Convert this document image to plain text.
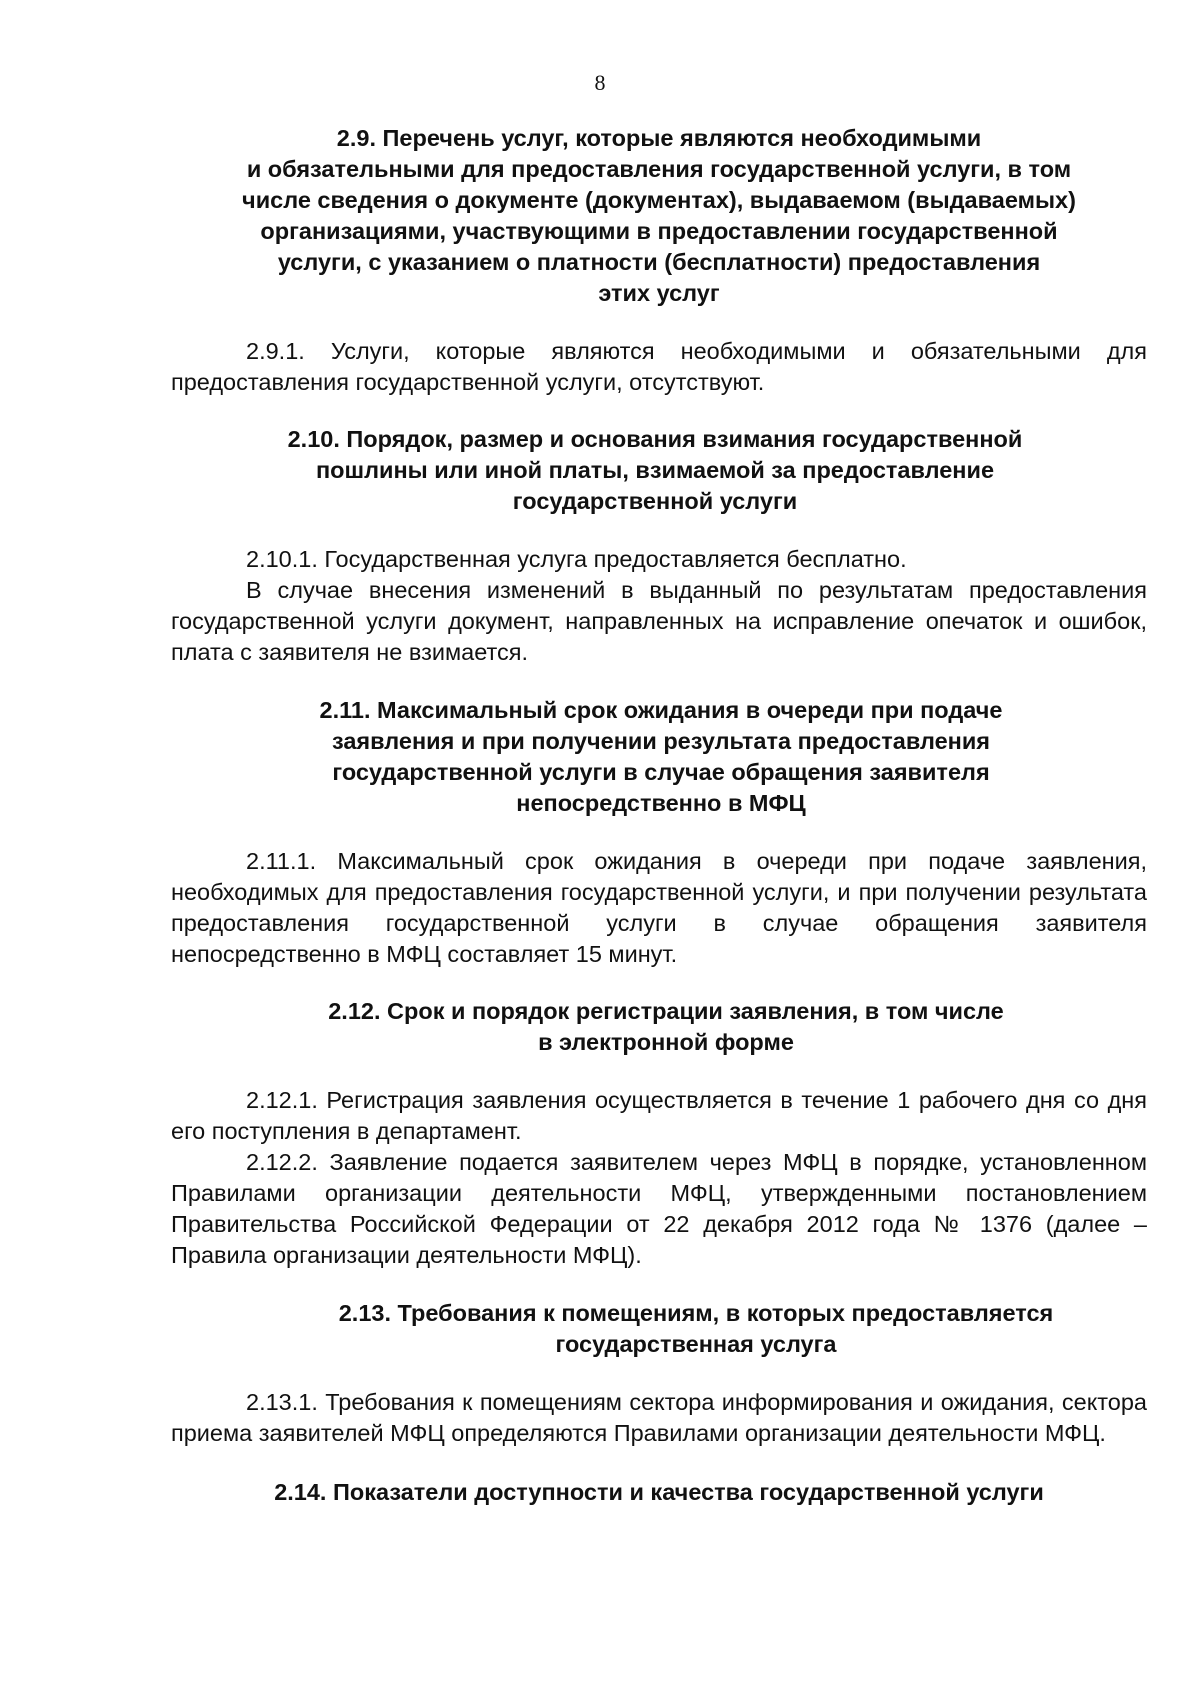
8
2.9. Перечень услуг, которые являются необходимыми
и обязательными для предоставления государственной услуги, в том
числе сведения о документе (документах), выдаваемом (выдаваемых)
организациями, участвующими в предоставлении государственной
услуги, с указанием о платности (бесплатности) предоставления
этих услуг

2.9.1. Услуги, которые являются необходимыми и обязательными для предоставления государственной услуги, отсутствуют.

2.10. Порядок, размер и основания взимания государственной
пошлины или иной платы, взимаемой за предоставление
государственной услуги

2.10.1. Государственная услуга предоставляется бесплатно.

В случае внесения изменений в выданный по результатам предоставления государственной услуги документ, направленных на исправление опечаток и ошибок, плата с заявителя не взимается.

2.11. Максимальный срок ожидания в очереди при подаче
заявления и при получении результата предоставления
государственной услуги в случае обращения заявителя
непосредственно в МФЦ

2.11.1. Максимальный срок ожидания в очереди при подаче заявления, необходимых для предоставления государственной услуги, и при получении результата предоставления государственной услуги в случае обращения заявителя непосредственно в МФЦ составляет 15 минут.

2.12. Срок и порядок регистрации заявления, в том числе
в электронной форме

2.12.1. Регистрация заявления осуществляется в течение 1 рабочего дня со дня его поступления в департамент.

2.12.2. Заявление подается заявителем через МФЦ в порядке, установленном Правилами организации деятельности МФЦ, утвержденными постановлением Правительства Российской Федерации от 22 декабря 2012 года № 1376 (далее – Правила организации деятельности МФЦ).

2.13. Требования к помещениям, в которых предоставляется
государственная услуга

2.13.1. Требования к помещениям сектора информирования и ожидания, сектора приема заявителей МФЦ определяются Правилами организации деятельности МФЦ.

2.14. Показатели доступности и качества государственной услуги
